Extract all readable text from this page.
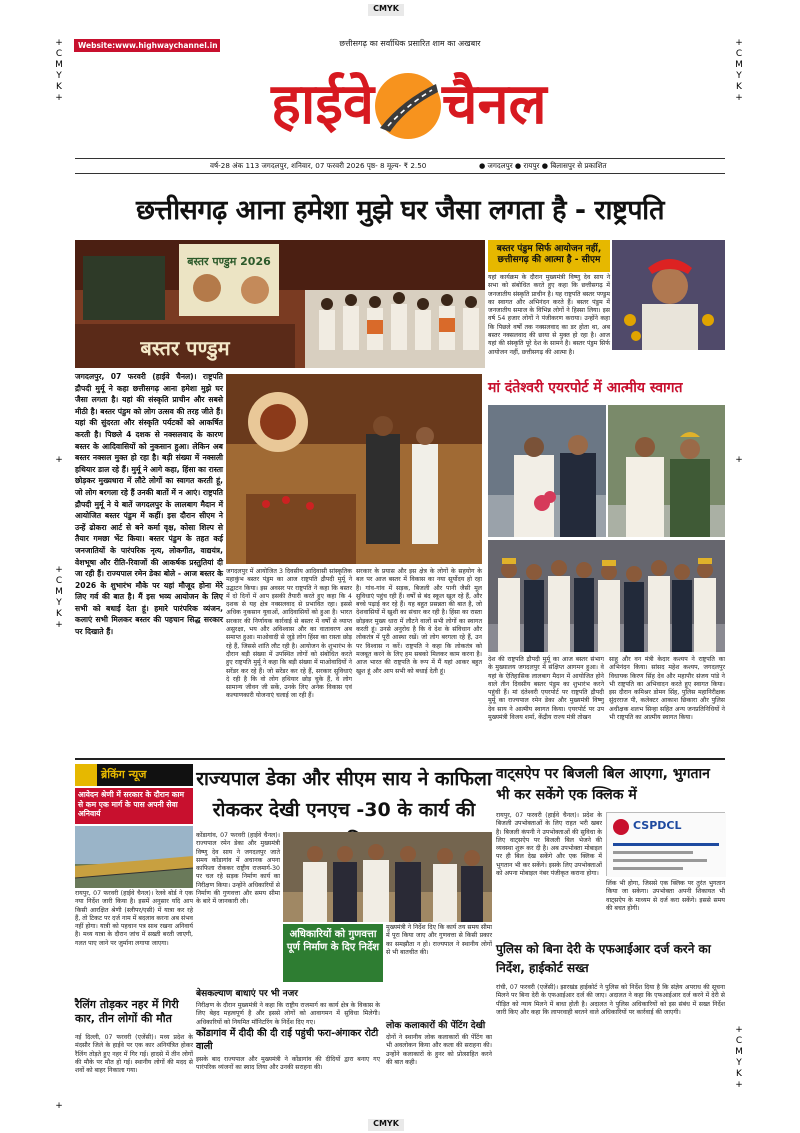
CMYK
CMYK
+
C
M
Y
K
+
+
C
M
Y
K
+
+	+
+
C
M
Y
K
+
+
C
M
Y
K
+
+
Website:www.highwaychannel.in	छत्तीसगढ़ का सर्वाधिक प्रसारित शाम का अखबार
हाईवे चैनल
वर्ष-28 अंक 113 जगदलपुर, शनिवार, 07 फरवरी 2026 पृष्ठ- 8 मूल्य- ₹ 2.50	● जगदलपुर ● रायपुर ● बिलासपुर से प्रकाशित
छत्तीसगढ़ आना हमेशा मुझे घर जैसा लगता है - राष्ट्रपति
बस्तर पण्डुम 2026
बस्तर पण्डुम
बस्तर पंडुम सिर्फ आयोजन नहीं, छत्तीसगढ़ की आत्मा है - सीएम
यहां कार्यक्रम के दौरान मुख्यमंत्री विष्णु देव साय ने सभा को संबोधित करते हुए कहा कि छत्तीसगढ़ में जनजातीय संस्कृति प्राचीन है। यह राष्ट्रपति बस्तर पण्डुम का स्वागत और अभिनंदन करते हैं। बस्तर पंडुम में जनजातीय समाज के विभिन्न लोगों ने हिस्सा लिया। इस वर्ष 54 हजार लोगों ने पंजीकरण कराया। उन्होंने कहा कि पिछले वर्षों तक नक्सलवाद का डर होता था, अब बस्तर नक्सलवाद की छाया से मुक्त हो रहा है। आज यहां की संस्कृति पूरे देश के सामने है। बस्तर पंडुम सिर्फ आयोजन नहीं, छत्तीसगढ़ की आत्मा है।
जगदलपुर, 07 फरवरी (हाईवे चैनल)। राष्ट्रपति द्रौपदी मुर्मू ने कहा छत्तीसगढ़ आना हमेशा मुझे घर जैसा लगता है। यहां की संस्कृति प्राचीन और सबसे मीठी है। बस्तर पंडुम को लोग उत्सव की तरह जीते हैं। यहां की सुंदरता और संस्कृति पर्यटकों को आकर्षित करती है। पिछले 4 दशक से नक्सलवाद के कारण बस्तर के आदिवासियों को नुकसान हुआ। लेकिन अब बस्तर नक्सल मुक्त हो रहा है। बड़ी संख्या में नक्सली हथियार डाल रहे हैं। मुर्मू ने आगे कहा, हिंसा का रास्ता छोड़कर मुख्यधारा में लौटे लोगों का स्वागत करती हूं, जो लोग बरगला रहे हैं उनकी बातों में न आएं। राष्ट्रपति द्रौपदी मुर्मू ने ये बातें जगदलपुर के लालबाग मैदान में आयोजित बस्तर पंडुम में कहीं। इस दौरान सीएम ने उन्हें ढोकरा आर्ट से बने कर्मा वृक्ष, कोसा शिल्प से तैयार गमछा भेंट किया। बस्तर पंडुम के तहत कई जनजातियों के पारंपरिक नृत्य, लोकगीत, वाद्ययंत्र, वेशभूषा और रीति-रिवाजों की आकर्षक प्रस्तुतियां दी जा रही हैं। राज्यपाल रमेन डेका बोले - आज बस्तर के 2026 के शुभारंभ मौके पर यहां मौजूद होना मेरे लिए गर्व की बात है। मैं इस भव्य आयोजन के लिए सभी को बधाई देता हूं। हमारे पारंपरिक व्यंजन, कलाएं सभी मिलकर बस्तर की पहचान सिद्ध सरकार पर दिखाते हैं।
मां दंतेश्वरी एयरपोर्ट में आत्मीय स्वागत
देश की राष्ट्रपति द्रौपदी मुर्मू का आज बस्तर संभाग के मुख्यालय जगदलपुर में संक्षिप्त आगमन हुआ। वे यहां के ऐतिहासिक लालबाग मैदान में आयोजित होने वाले तीन दिवसीय बस्तर पंडुम का शुभारंभ करने पहुंची हैं। मां दंतेश्वरी एयरपोर्ट पर राष्ट्रपति द्रौपदी मुर्मू का राज्यपाल रमेन डेका और मुख्यमंत्री विष्णु देव साय ने आत्मीय स्वागत किया। एयरपोर्ट पर उप मुख्यमंत्री विजय शर्मा, केंद्रीय राज्य मंत्री तोखन
साहू और वन मंत्री केदार कश्यप ने राष्ट्रपति का अभिनंदन किया। सांसद महेश कश्यप, जगदलपुर विधायक किरण सिंह देव और महापौर संजय पांडे ने भी राष्ट्रपति का अभिवादन करते हुए स्वागत किया। इस दौरान कमिश्नर डोमन सिंह, पुलिस महानिरीक्षक सुंदरराज पी, कलेक्टर आकाश छिकारा और पुलिस अधीक्षक शलभ सिन्हा सहित अन्य जनप्रतिनिधियों ने भी राष्ट्रपति का आत्मीय स्वागत किया।
जगदलपुर में आयोजित 3 दिवसीय आदिवासी सांस्कृतिक महाकुंभ बस्तर पंडुम का आज राष्ट्रपति द्रौपदी मुर्मू ने उद्घाटन किया। इस अवसर पर राष्ट्रपति ने कहा कि बस्तर में दो दिनों में आप इसकी तैयारी करते हुए कहा कि 4 दशक से यह क्षेत्र नक्सलवाद से प्रभावित रहा। इससे अधिक नुकसान युवाओं, आदिवासियों को हुआ है। भारत सरकार की निर्णायक कार्रवाई से बस्तर में वर्षों से व्याप्त असुरक्षा, भय और अविश्वास और का वातावरण अब समाप्त हुआ। माओवादी से जुड़े लोग हिंसा का रास्ता छोड़ रहे हैं, जिससे शांति लौट रही है। आयोजन के शुभारंभ के दौरान बड़ी संख्या में उपस्थित लोगों को संबोधित करते हुए राष्ट्रपति मुर्मू ने कहा कि बड़ी संख्या में माओवादियों ने सरेंडर कर रहे हैं। जो सरेंडर कर रहे हैं, सरकार सुविधाएं दे रही है कि वो लोग हथियार छोड़ चुके हैं, वे लोग सामान्य जीवन जी सकें, उनके लिए अनेक विकास एवं कल्याणकारी योजनाएं चलाई जा रही हैं।
सरकार के प्रयास और इस क्षेत्र के लोगों के सहयोग के बल पर आज बस्तर में विकास का नया सूर्योदय हो रहा है। गांव-गांव में सड़क, बिजली और पानी जैसी मूल सुविधाएं पहुंच रही हैं। वर्षों से बंद स्कूल खुल रहे हैं, और बच्चे पढ़ाई कर रहे हैं। यह बहुत प्रसन्नता की बात है, जो देशवासियों में खुशी का संचार कर रही है। हिंसा का रास्ता छोड़कर मुख्य धारा में लौटने वालों सभी लोगों का स्वागत करती हूं। उनसे अनुरोध है कि वे देश के संविधान और लोकतंत्र में पूरी आस्था रखें। जो लोग बरगला रहे हैं, उन पर विश्वास न करें। राष्ट्रपति ने कहा कि लोकतंत्र को मजबूत करने के लिए हम सबको मिलकर काम करना है। आज भारत की राष्ट्रपति के रूप में मैं यहां आकर बहुत खुश हूं और आप सभी को बधाई देती हूं।
ब्रेकिंग न्यूज
आवेदन श्रेणी में सरकार के दौरान काम से कम एक मार्ग के पास अपनी सेवा अनिवार्य
रायपुर, 07 फरवरी (हाईवे चैनल)। रेलवे बोर्ड ने एक नया निर्देश जारी किया है। इसमें अनुसार यदि आप किसी आरक्षित श्रेणी (स्लीपर/एसी) में यात्रा कर रहे हैं, तो टिकट पर दर्ज नाम में बदलाव करना अब संभव नहीं होगा। यात्री को पहचान पत्र साथ रखना अनिवार्य है। मध्य यात्रा के दौरान जांच में सख्ती बरती जाएगी, गलत पाए जाने पर जुर्माना लगाया जाएगा।
रैलिंग तोड़कर नहर में गिरी कार, तीन लोगों की मौत
नई दिल्ली, 07 फरवरी (एजेंसी)। मध्य प्रदेश के मंदसौर जिले के हाईवे पर एक कार अनियंत्रित होकर रैलिंग तोड़ते हुए नहर में गिर गई। हादसे में तीन लोगों की मौके पर मौत हो गई। स्थानीय लोगों की मदद से शवों को बाहर निकाला गया।
राज्यपाल डेका और सीएम साय ने काफिला रोककर देखी एनएच -30 के कार्य की
कोंडागांव, 07 फरवरी (हाईवे चैनल)। राज्यपाल रमेन डेका और मुख्यमंत्री विष्णु देव साय ने जगदलपुर जाते समय कोंडागांव में अचानक अपना काफिला रोककर राष्ट्रीय राजमार्ग-30 पर चल रहे सड़क निर्माण कार्य का निरीक्षण किया। उन्होंने अधिकारियों से निर्माण की गुणवत्ता और समय सीमा के बारे में जानकारी ली।
अधिकारियों को गुणवत्ता पूर्ण निर्माण के दिए निर्देश
मुख्यमंत्री ने निर्देश दिए कि कार्य तय समय सीमा में पूरा किया जाए और गुणवत्ता से किसी प्रकार का समझौता न हो। राज्यपाल ने स्थानीय लोगों से भी बातचीत की।
बेसकल्याण बाधाएं पर भी नजर
निरीक्षण के दौरान मुख्यमंत्री ने कहा कि राष्ट्रीय राजमार्ग का कार्य क्षेत्र के विकास के लिए बेहद महत्वपूर्ण है और इससे लोगों को आवागमन में सुविधा मिलेगी। अधिकारियों को नियमित मॉनिटरिंग के निर्देश दिए गए।
कोंडागांव में दीदी की दी राई पहुंची फरा-अंगाकर रोटी वाली
इसके बाद राज्यपाल और मुख्यमंत्री ने कोंडागांव की दीदियों द्वारा बनाए गए पारंपरिक व्यंजनों का स्वाद लिया और उनकी सराहना की।
लोक कलाकारों की पेंटिंग देखी
दोनों ने स्थानीय लोक कलाकारों की पेंटिंग का भी अवलोकन किया और कला की सराहना की। उन्होंने कलाकारों के हुनर को प्रोत्साहित करने की बात कही।
वाट्सऐप पर बिजली बिल आएगा, भुगतान भी कर सकेंगे एक क्लिक में
रायपुर, 07 फरवरी (हाईवे चैनल)। प्रदेश के बिजली उपभोक्ताओं के लिए राहत भरी खबर है। बिजली कंपनी ने उपभोक्ताओं की सुविधा के लिए वाट्सऐप पर बिजली बिल भेजने की व्यवस्था शुरू कर दी है। अब उपभोक्ता मोबाइल पर ही बिल देख सकेंगे और एक क्लिक में भुगतान भी कर सकेंगे। इसके लिए उपभोक्ताओं को अपना मोबाइल नंबर पंजीकृत कराना होगा।
CSPDCL
लिंक भी होगा, जिससे एक क्लिक पर तुरंत भुगतान किया जा सकेगा। उपभोक्ता अपनी शिकायत भी वाट्सऐप के माध्यम से दर्ज करा सकेंगे। इससे समय की बचत होगी।
पुलिस को बिना देरी के एफआईआर दर्ज करने का निर्देश, हाईकोर्ट सख्त
रांची, 07 फरवरी (एजेंसी)। झारखंड हाईकोर्ट ने पुलिस को निर्देश दिया है कि संज्ञेय अपराध की सूचना मिलने पर बिना देरी के एफआईआर दर्ज की जाए। अदालत ने कहा कि एफआईआर दर्ज करने में देरी से पीड़ित को न्याय मिलने में बाधा होती है। अदालत ने पुलिस अधिकारियों को इस संबंध में सख्त निर्देश जारी किए और कहा कि लापरवाही बरतने वाले अधिकारियों पर कार्रवाई की जाएगी।
